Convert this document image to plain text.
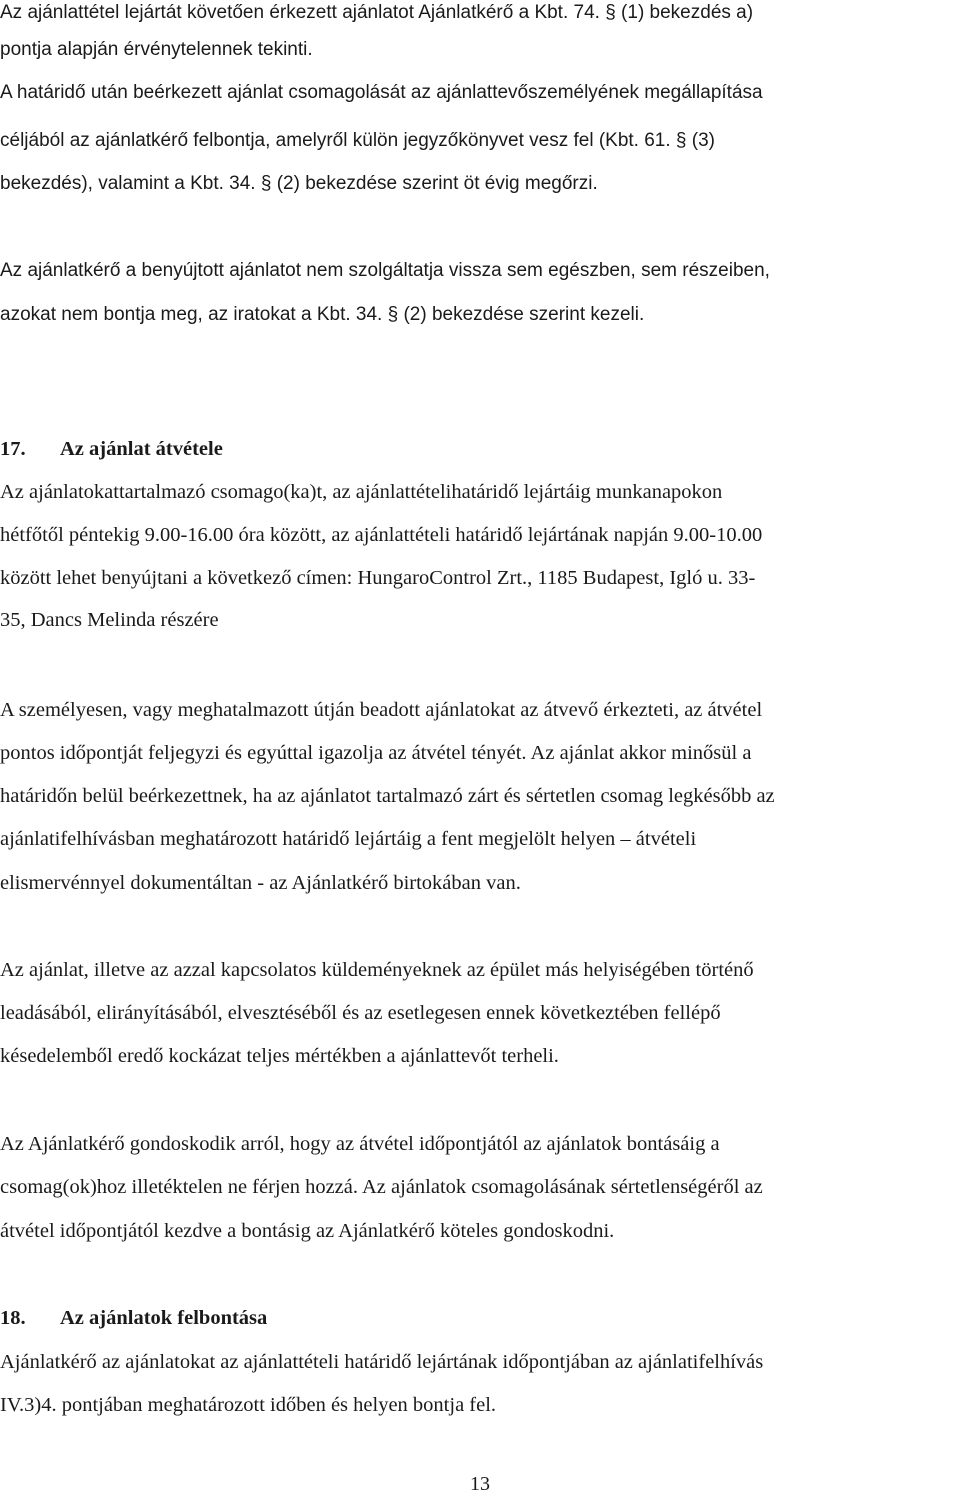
Az ajánlattétel lejártát követően érkezett ajánlatot Ajánlatkérő a Kbt. 74. § (1) bekezdés a)

pontja alapján érvénytelennek tekinti.

A határidő után beérkezett ajánlat csomagolását az ajánlattevőszemélyének megállapítása

céljából az ajánlatkérő felbontja, amelyről külön jegyzőkönyvet vesz fel (Kbt. 61. § (3)

bekezdés), valamint a Kbt. 34. § (2) bekezdése szerint öt évig megőrzi.

Az ajánlatkérő a benyújtott ajánlatot nem szolgáltatja vissza sem egészben, sem részeiben,

azokat nem bontja meg, az iratokat a Kbt. 34. § (2) bekezdése szerint kezeli.

17. Az ajánlat átvétele

Az ajánlatokattartalmazó csomago(ka)t, az ajánlattételihatáridő lejártáig munkanapokon

hétfőtől péntekig 9.00-16.00 óra között, az ajánlattételi határidő lejártának napján 9.00-10.00

között lehet benyújtani a következő címen: HungaroControl Zrt., 1185 Budapest, Igló u. 33-

35, Dancs Melinda részére

A személyesen, vagy meghatalmazott útján beadott ajánlatokat az átvevő érkezteti, az átvétel

pontos időpontját feljegyzi és egyúttal igazolja az átvétel tényét. Az ajánlat akkor minősül a

határidőn belül beérkezettnek, ha az ajánlatot tartalmazó zárt és sértetlen csomag legkésőbb az

ajánlatifelhívásban meghatározott határidő lejártáig a fent megjelölt helyen – átvételi

elismervénnyel dokumentáltan - az Ajánlatkérő birtokában van.

Az ajánlat, illetve az azzal kapcsolatos küldeményeknek az épület más helyiségében történő

leadásából, elirányításából, elvesztéséből és az esetlegesen ennek következtében fellépő

késedelemből eredő kockázat teljes mértékben a ajánlattevőt terheli.

Az Ajánlatkérő gondoskodik arról, hogy az átvétel időpontjától az ajánlatok bontásáig a

csomag(ok)hoz illetéktelen ne férjen hozzá. Az ajánlatok csomagolásának sértetlenségéről az

átvétel időpontjától kezdve a bontásig az Ajánlatkérő köteles gondoskodni.

18. Az ajánlatok felbontása

Ajánlatkérő az ajánlatokat az ajánlattételi határidő lejártának időpontjában az ajánlatifelhívás

IV.3)4. pontjában meghatározott időben és helyen bontja fel.

13
